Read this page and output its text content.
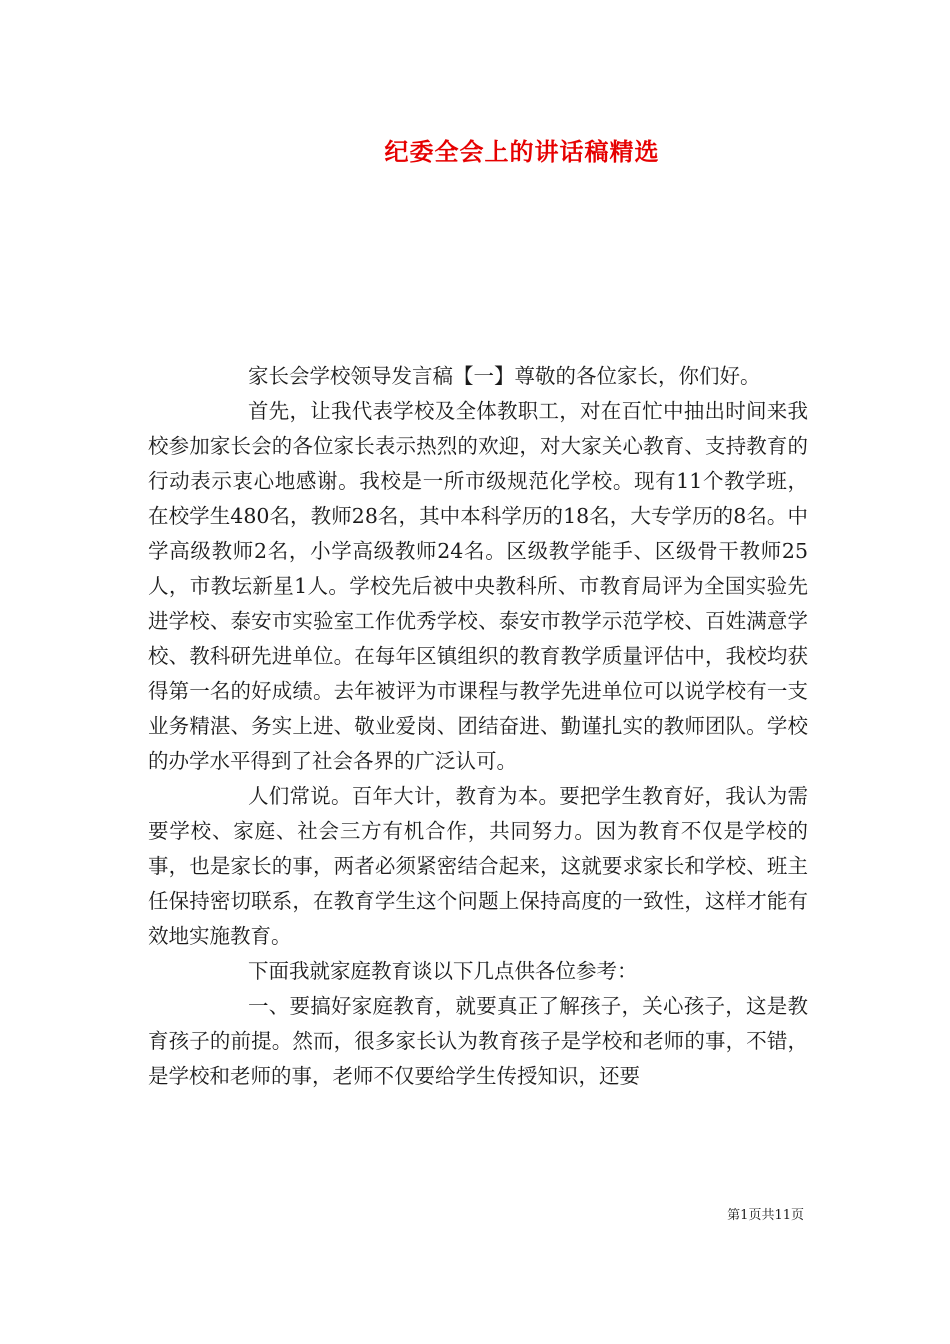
纪委全会上的讲话稿精选

家长会学校领导发言稿【一】尊敬的各位家长，你们好。

首先，让我代表学校及全体教职工，对在百忙中抽出时间来我校参加家长会的各位家长表示热烈的欢迎，对大家关心教育、支持教育的行动表示衷心地感谢。我校是一所市级规范化学校。现有11个教学班，在校学生480名，教师28名，其中本科学历的18名，大专学历的8名。中学高级教师2名，小学高级教师24名。区级教学能手、区级骨干教师25人，市教坛新星1人。学校先后被中央教科所、市教育局评为全国实验先进学校、泰安市实验室工作优秀学校、泰安市教学示范学校、百姓满意学校、教科研先进单位。在每年区镇组织的教育教学质量评估中，我校均获得第一名的好成绩。去年被评为市课程与教学先进单位可以说学校有一支业务精湛、务实上进、敬业爱岗、团结奋进、勤谨扎实的教师团队。学校的办学水平得到了社会各界的广泛认可。

人们常说。百年大计，教育为本。要把学生教育好，我认为需要学校、家庭、社会三方有机合作，共同努力。因为教育不仅是学校的事，也是家长的事，两者必须紧密结合起来，这就要求家长和学校、班主任保持密切联系，在教育学生这个问题上保持高度的一致性，这样才能有效地实施教育。

下面我就家庭教育谈以下几点供各位参考：

一、要搞好家庭教育，就要真正了解孩子，关心孩子，这是教育孩子的前提。然而，很多家长认为教育孩子是学校和老师的事，不错，是学校和老师的事，老师不仅要给学生传授知识，还要

第1页共11页
